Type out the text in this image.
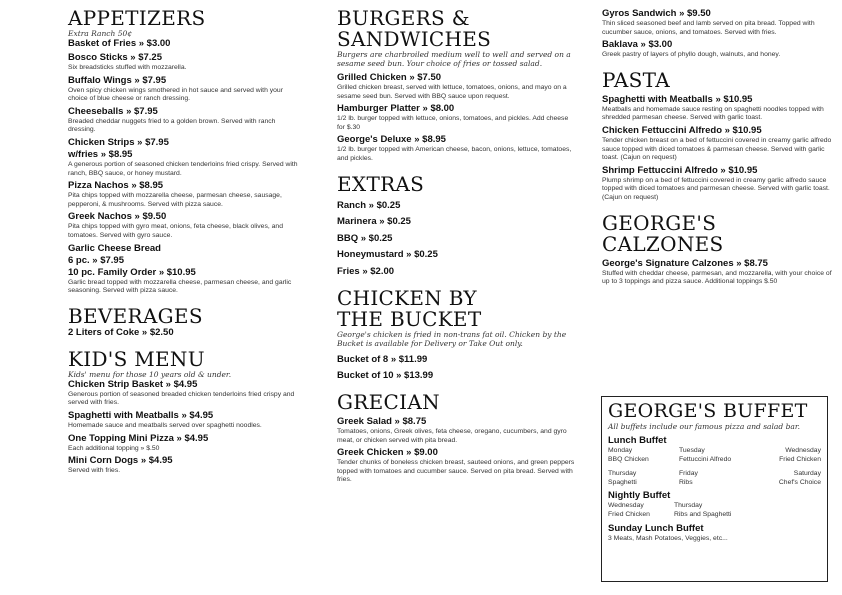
APPETIZERS
Extra Ranch 50¢
Basket of Fries » $3.00
Bosco Sticks » $7.25
Six breadsticks stuffed with mozzarella.
Buffalo Wings » $7.95
Oven spicy chicken wings smothered in hot sauce and served with your choice of blue cheese or ranch dressing.
Cheeseballs » $7.95
Breaded cheddar nuggets fried to a golden brown. Served with ranch dressing.
Chicken Strips » $7.95
w/fries » $8.95
A generous portion of seasoned chicken tenderloins fried crispy. Served with ranch, BBQ sauce, or honey mustard.
Pizza Nachos » $8.95
Pita chips topped with mozzarella cheese, parmesan cheese, sausage, pepperoni, & mushrooms. Served with pizza sauce.
Greek Nachos » $9.50
Pita chips topped with gyro meat, onions, feta cheese, black olives, and tomatoes. Served with gyro sauce.
Garlic Cheese Bread
6 pc. » $7.95
10 pc. Family Order » $10.95
Garlic bread topped with mozzarella cheese, parmesan cheese, and garlic seasoning. Served with pizza sauce.
BEVERAGES
2 Liters of Coke » $2.50
KID'S MENU
Kids' menu for those 10 years old & under.
Chicken Strip Basket » $4.95
Generous portion of seasoned breaded chicken tenderloins fried crispy and served with fries.
Spaghetti with Meatballs » $4.95
Homemade sauce and meatballs served over spaghetti noodles.
One Topping Mini Pizza » $4.95
Each additional topping » $.50
Mini Corn Dogs » $4.95
Served with fries.
BURGERS &
SANDWICHES
Burgers are charbroiled medium well to well and served on a sesame seed bun. Your choice of fries or tossed salad.
Grilled Chicken » $7.50
Grilled chicken breast, served with lettuce, tomatoes, onions, and mayo on a sesame seed bun. Served with BBQ sauce upon request.
Hamburger Platter » $8.00
1/2 lb. burger topped with lettuce, onions, tomatoes, and pickles. Add cheese for $.30
George's Deluxe » $8.95
1/2 lb. burger topped with American cheese, bacon, onions, lettuce, tomatoes, and pickles.
EXTRAS
Ranch » $0.25
Marinera » $0.25
BBQ » $0.25
Honeymustard » $0.25
Fries » $2.00
CHICKEN BY
THE BUCKET
George's chicken is fried in non-trans fat oil. Chicken by the Bucket is available for Delivery or Take Out only.
Bucket of 8 » $11.99
Bucket of 10 » $13.99
GRECIAN
Greek Salad » $8.75
Tomatoes, onions, Greek olives, feta cheese, oregano, cucumbers, and gyro meat, or chicken served with pita bread.
Greek Chicken » $9.00
Tender chunks of boneless chicken breast, sauteed onions, and green peppers topped with tomatoes and cucumber sauce. Served on pita bread. Served with fries.
Gyros Sandwich » $9.50
Thin sliced seasoned beef and lamb served on pita bread. Topped with cucumber sauce, onions, and tomatoes. Served with fries.
Baklava » $3.00
Greek pastry of layers of phyllo dough, walnuts, and honey.
PASTA
Spaghetti with Meatballs » $10.95
Meatballs and homemade sauce resting on spaghetti noodles topped with shredded parmesan cheese. Served with garlic toast.
Chicken Fettuccini Alfredo » $10.95
Tender chicken breast on a bed of fettuccini covered in creamy garlic alfredo sauce topped with diced tomatoes & parmesan cheese. Served with garlic toast. (Cajun on request)
Shrimp Fettuccini Alfredo » $10.95
Plump shrimp on a bed of fettuccini covered in creamy garlic alfredo sauce topped with diced tomatoes and parmesan cheese. Served with garlic toast. (Cajun on request)
GEORGE'S
CALZONES
George's Signature Calzones » $8.75
Stuffed with cheddar cheese, parmesan, and mozzarella, with your choice of up to 3 toppings and pizza sauce. Additional toppings $.50
GEORGE'S BUFFET
All buffets include our famous pizza and salad bar.
Lunch Buffet
Monday	Tuesday	Wednesday
BBQ Chicken	Fettuccini Alfredo	Fried Chicken
Thursday	Friday	Saturday
Spaghetti	Ribs	Chef's Choice
Nightly Buffet
Wednesday	Thursday
Fried Chicken	Ribs and Spaghetti
Sunday Lunch Buffet
3 Meats, Mash Potatoes, Veggies, etc...
